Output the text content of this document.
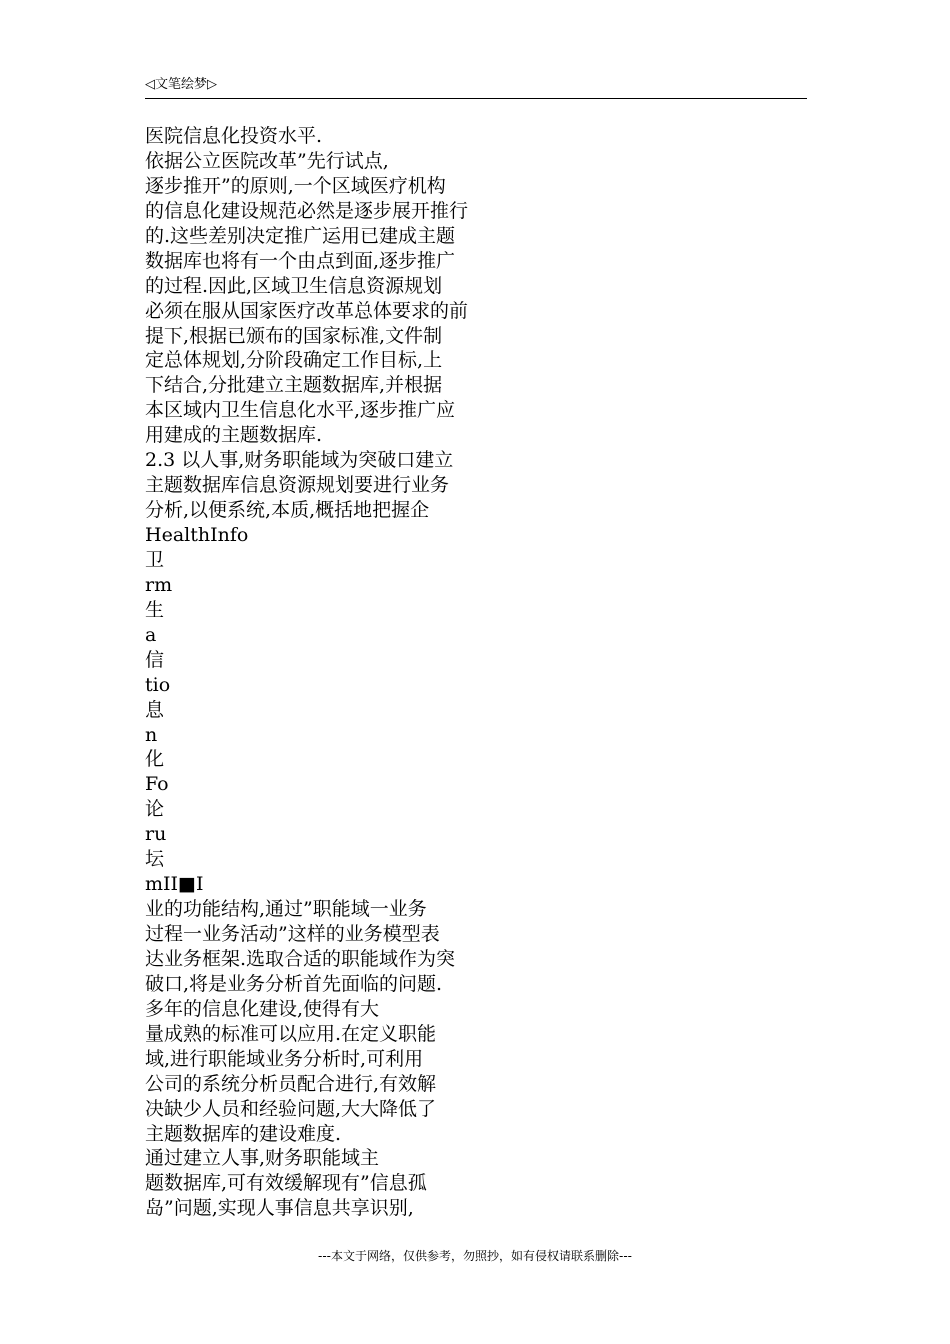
◁文笔绘梦▷
医院信息化投资水平.
依据公立医院改革”先行试点,
逐步推开”的原则,一个区域医疗机构
的信息化建设规范必然是逐步展开推行
的.这些差别决定推广运用已建成主题
数据库也将有一个由点到面,逐步推广
的过程.因此,区域卫生信息资源规划
必须在服从国家医疗改革总体要求的前
提下,根据已颁布的国家标准,文件制
定总体规划,分阶段确定工作目标,上
下结合,分批建立主题数据库,并根据
本区域内卫生信息化水平,逐步推广应
用建成的主题数据库.
2.3 以人事,财务职能域为突破口建立
主题数据库信息资源规划要进行业务
分析,以便系统,本质,概括地把握企
HealthInfo
卫
rm
生
a
信
tio
息
n
化
Fo
论
ru
坛
mII■I
业的功能结构,通过”职能域一业务
过程一业务活动”这样的业务模型表
达业务框架.选取合适的职能域作为突
破口,将是业务分析首先面临的问题.
多年的信息化建设,使得有大
量成熟的标准可以应用.在定义职能
域,进行职能域业务分析时,可利用
公司的系统分析员配合进行,有效解
决缺少人员和经验问题,大大降低了
主题数据库的建设难度.
通过建立人事,财务职能域主
题数据库,可有效缓解现有”信息孤
岛”问题,实现人事信息共享识别,
---本文于网络，仅供参考，勿照抄，如有侵权请联系删除---
